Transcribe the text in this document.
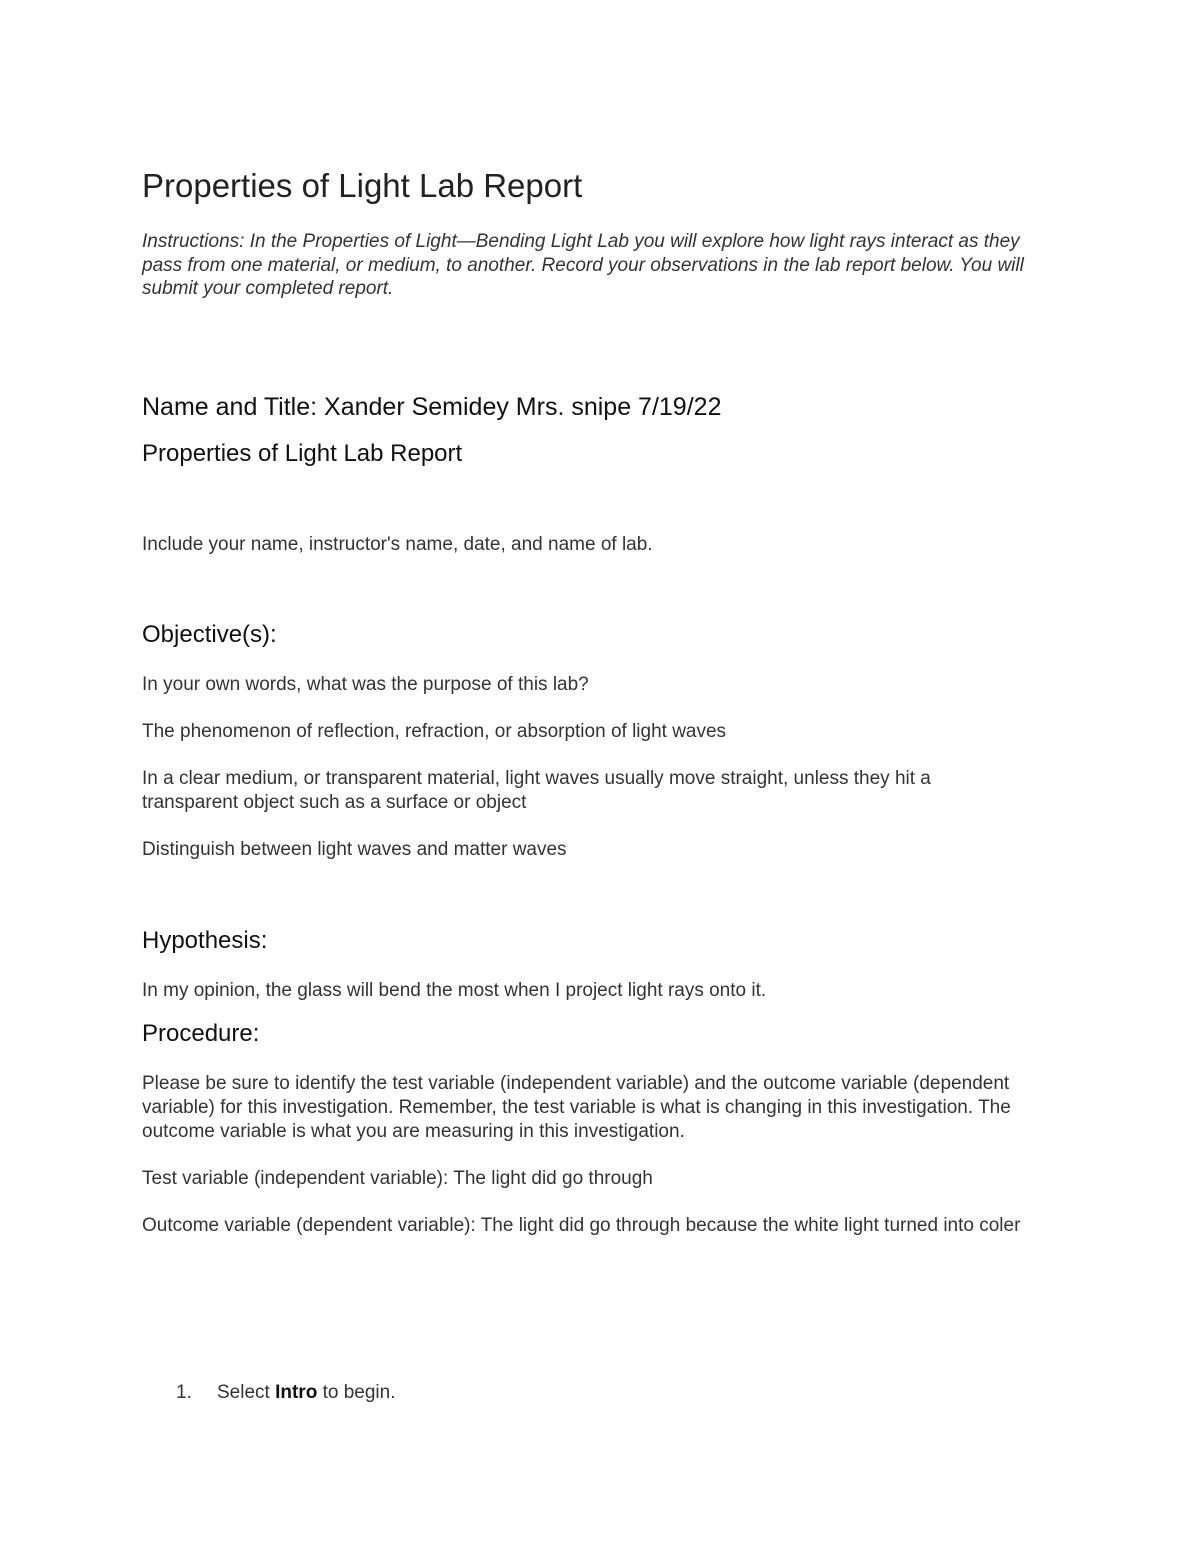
Properties of Light Lab Report

Instructions: In the Properties of Light—Bending Light Lab you will explore how light rays interact as they pass from one material, or medium, to another. Record your observations in the lab report below. You will submit your completed report.

Name and Title: Xander Semidey Mrs. snipe 7/19/22
Properties of Light Lab Report

Include your name, instructor's name, date, and name of lab.

Objective(s):

In your own words, what was the purpose of this lab?

The phenomenon of reflection, refraction, or absorption of light waves

In a clear medium, or transparent material, light waves usually move straight, unless they hit a transparent object such as a surface or object

Distinguish between light waves and matter waves

Hypothesis:

In my opinion, the glass will bend the most when I project light rays onto it.

Procedure:

Please be sure to identify the test variable (independent variable) and the outcome variable (dependent variable) for this investigation. Remember, the test variable is what is changing in this investigation. The outcome variable is what you are measuring in this investigation.

Test variable (independent variable): The light did go through

Outcome variable (dependent variable): The light did go through because the white light turned into coler

1. Select Intro to begin.
